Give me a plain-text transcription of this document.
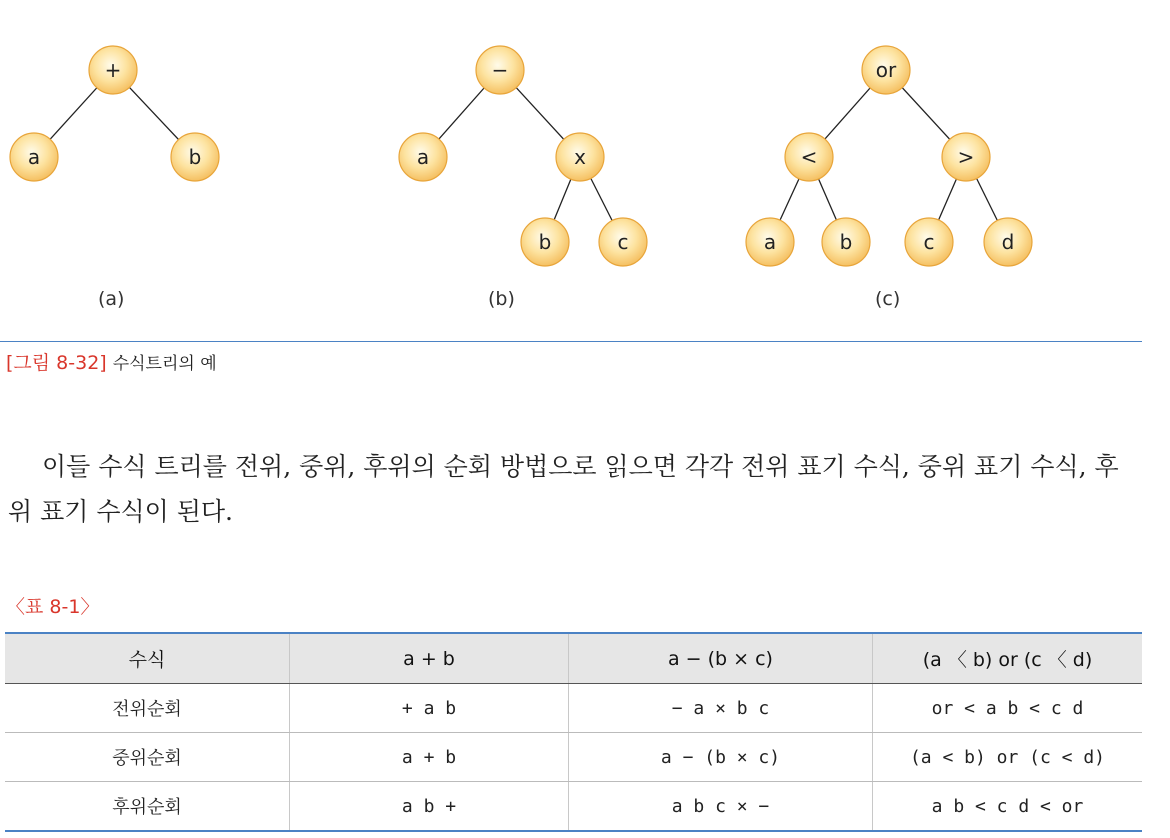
+
a	b
−
a	x
b	c
or
<	>
a	b	c	d
(a)	(b)	(c)
[그림 8-32] 수식트리의 예

이들 수식 트리를 전위, 중위, 후위의 순회 방법으로 읽으면 각각 전위 표기 수식, 중위 표기 수식, 후위 표기 수식이 된다.

〈표 8-1〉
수식	a + b	a − (b × c)	(a 〈 b) or (c 〈 d)
전위순회	+ a b	− a × b c	or < a b < c d
중위순회	a + b	a − (b × c)	(a < b) or (c < d)
후위순회	a b +	a b c × −	a b < c d < or
